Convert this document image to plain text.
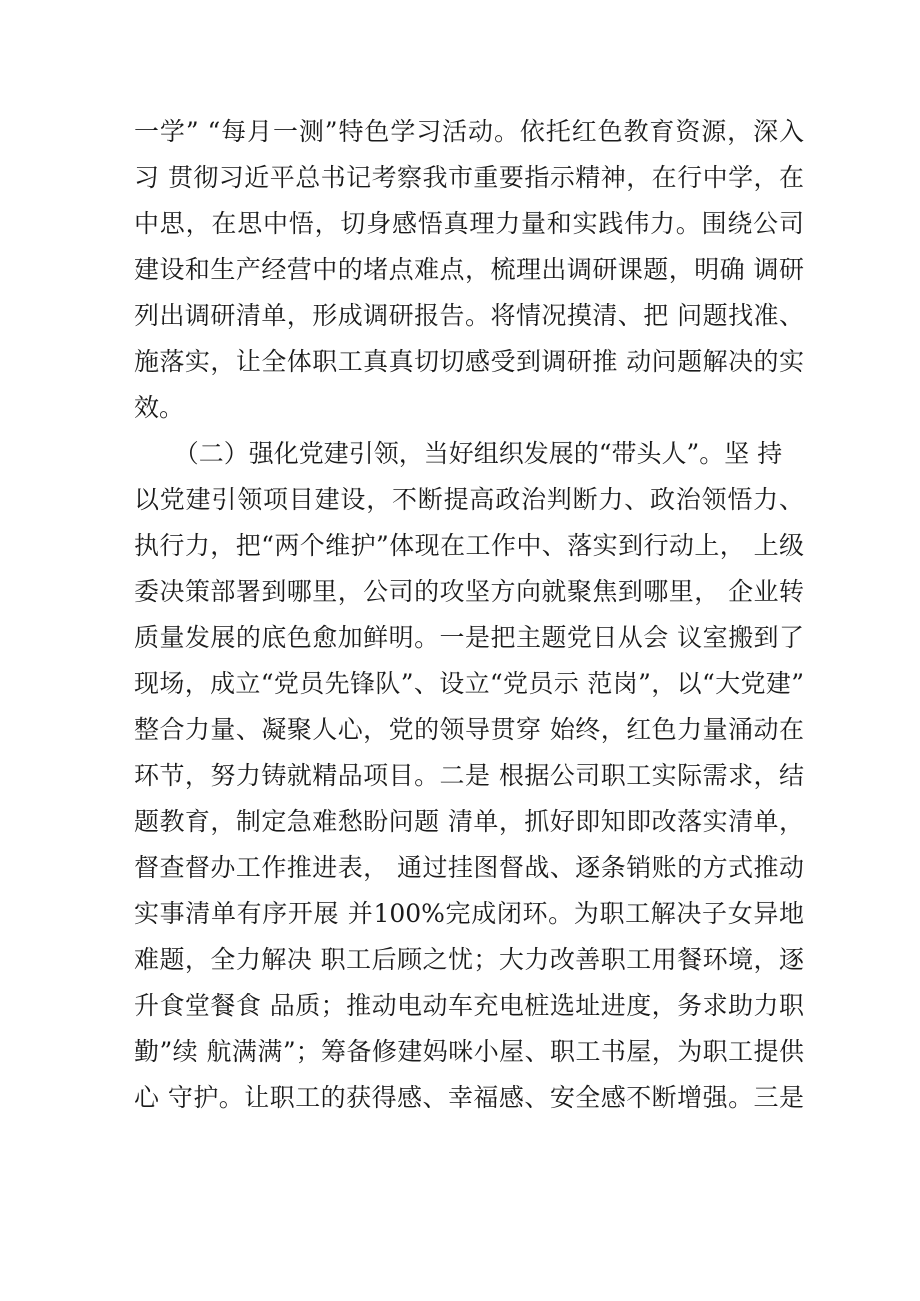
一学” “每月一测”特色学习活动。依托红色教育资源，深入
习 贯彻习近平总书记考察我市重要指示精神，在行中学，在
中思，在思中悟，切身感悟真理力量和实践伟力。围绕公司
建设和生产经营中的堵点难点，梳理出调研课题，明确 调研
列出调研清单，形成调研报告。将情况摸清、把 问题找准、
施落实，让全体职工真真切切感受到调研推 动问题解决的实
效。
（二）强化党建引领，当好组织发展的“带头人”。坚 持
以党建引领项目建设，不断提高政治判断力、政治领悟力、
执行力，把“两个维护”体现在工作中、落实到行动上， 上级
委决策部署到哪里，公司的攻坚方向就聚焦到哪里， 企业转
质量发展的底色愈加鲜明。一是把主题党日从会 议室搬到了
现场，成立“党员先锋队”、设立“党员示 范岗”，以“大党建”
整合力量、凝聚人心，党的领导贯穿 始终，红色力量涌动在
环节，努力铸就精品项目。二是 根据公司职工实际需求，结
题教育，制定急难愁盼问题 清单，抓好即知即改落实清单，
督查督办工作推进表， 通过挂图督战、逐条销账的方式推动
实事清单有序开展 并100%完成闭环。为职工解决子女异地
难题，全力解决 职工后顾之忧；大力改善职工用餐环境，逐
升食堂餐食 品质；推动电动车充电桩选址进度，务求助力职
勤”续 航满满”；筹备修建妈咪小屋、职工书屋，为职工提供
心 守护。让职工的获得感、幸福感、安全感不断增强。三是
